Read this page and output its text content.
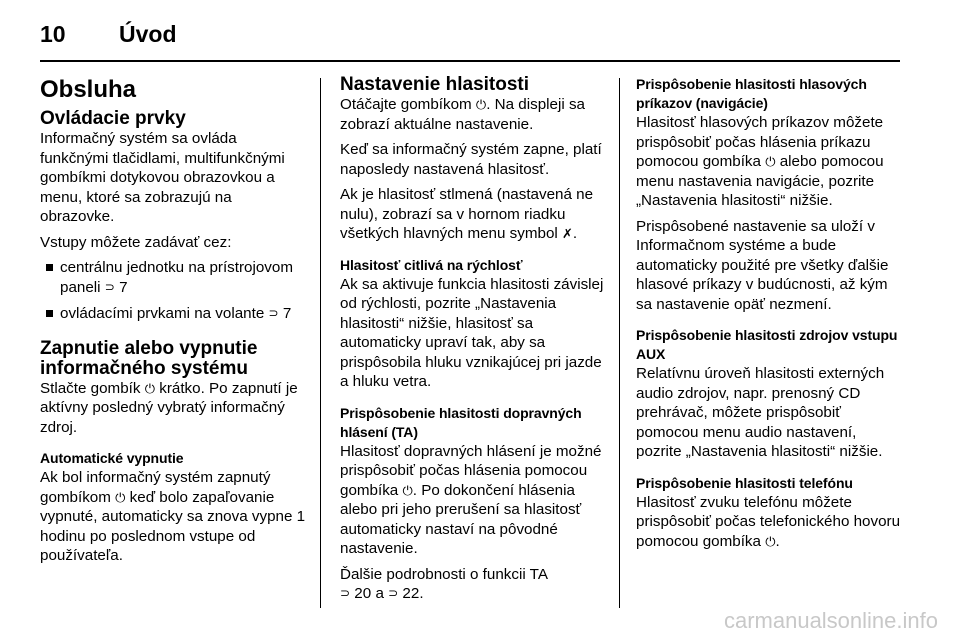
10	Úvod
Obsluha
Ovládacie prvky

Informačný systém sa ovláda funkčnými tlačidlami, multifunkčnými gombíkmi dotykovou obrazovkou a menu, ktoré sa zobrazujú na obrazovke.

Vstupy môžete zadávať cez:

centrálnu jednotku na prístrojovom paneli ⊃ 7
ovládacími prvkami na volante ⊃ 7
Zapnutie alebo vypnutie informačného systému

Stlačte gombík ⏻ krátko. Po zapnutí je aktívny posledný vybratý informačný zdroj.

Automatické vypnutie

Ak bol informačný systém zapnutý gombíkom ⏻ keď bolo zapaľovanie vypnuté, automaticky sa znova vypne 1 hodinu po poslednom vstupe od používateľa.

Nastavenie hlasitosti

Otáčajte gombíkom ⏻. Na displeji sa zobrazí aktuálne nastavenie.

Keď sa informačný systém zapne, platí naposledy nastavená hlasitosť.

Ak je hlasitosť stlmená (nastavená ne nulu), zobrazí sa v hornom riadku všetkých hlavných menu symbol ✗.

Hlasitosť citlivá na rýchlosť

Ak sa aktivuje funkcia hlasitosti závislej od rýchlosti, pozrite „Nastavenia hlasitosti“ nižšie, hlasitosť sa automaticky upraví tak, aby sa prispôsobila hluku vznikajúcej pri jazde a hluku vetra.

Prispôsobenie hlasitosti dopravných hlásení (TA)

Hlasitosť dopravných hlásení je možné prispôsobiť počas hlásenia pomocou gombíka ⏻. Po dokončení hlásenia alebo pri jeho prerušení sa hlasitosť automaticky nastaví na pôvodné nastavenie.

Ďalšie podrobnosti o funkcii TA
⊃ 20 a ⊃ 22.

Prispôsobenie hlasitosti hlasových príkazov (navigácie)

Hlasitosť hlasových príkazov môžete prispôsobiť počas hlásenia príkazu pomocou gombíka ⏻ alebo pomocou menu nastavenia navigácie, pozrite „Nastavenia hlasitosti“ nižšie.

Prispôsobené nastavenie sa uloží v Informačnom systéme a bude automaticky použité pre všetky ďalšie hlasové príkazy v budúcnosti, až kým sa nastavenie opäť nezmení.

Prispôsobenie hlasitosti zdrojov vstupu AUX

Relatívnu úroveň hlasitosti externých audio zdrojov, napr. prenosný CD prehrávač, môžete prispôsobiť pomocou menu audio nastavení, pozrite „Nastavenia hlasitosti“ nižšie.

Prispôsobenie hlasitosti telefónu

Hlasitosť zvuku telefónu môžete prispôsobiť počas telefonického hovoru pomocou gombíka ⏻.

carmanualsonline.info
